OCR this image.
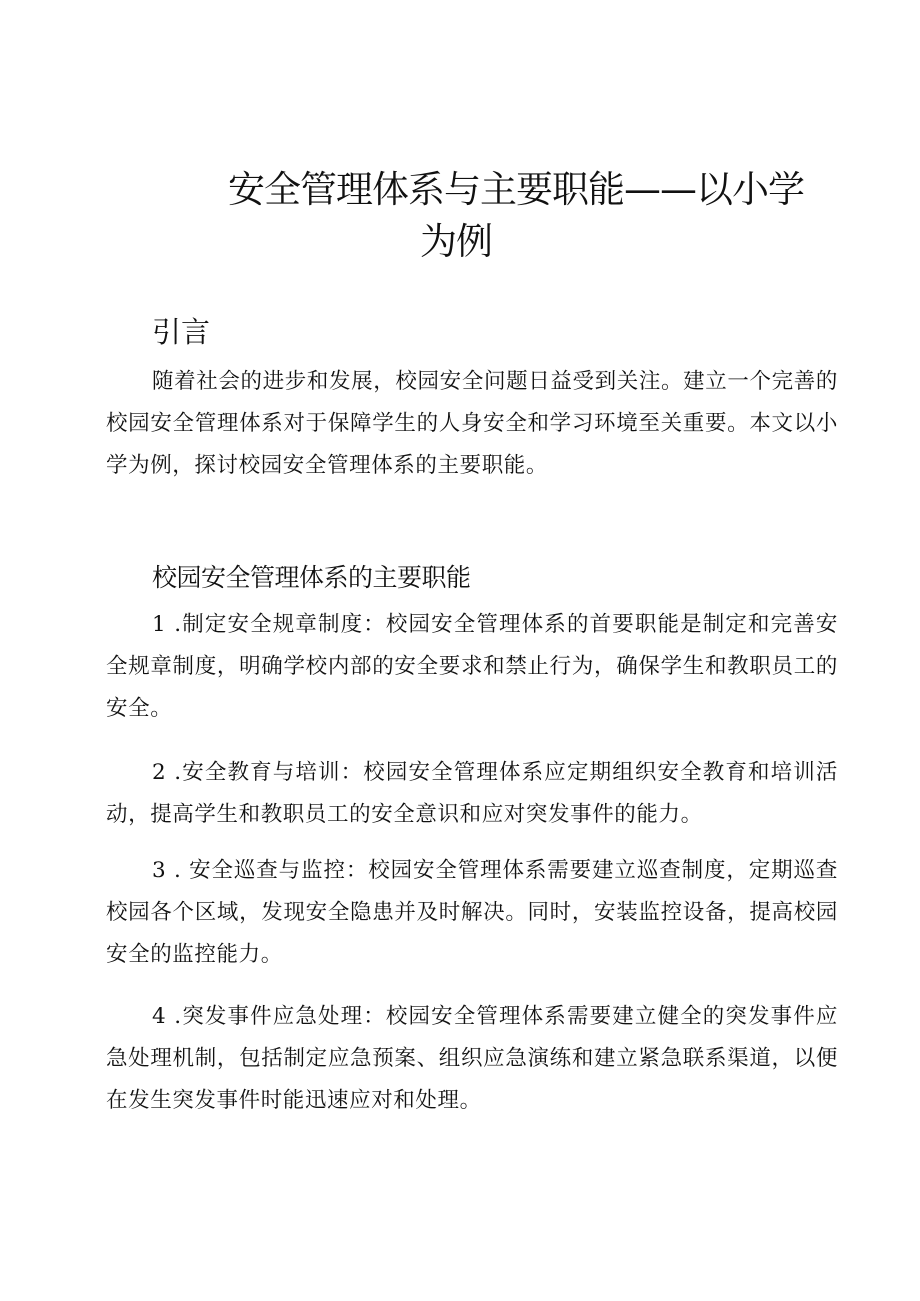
安全管理体系与主要职能——以小学
为例
引言

随着社会的进步和发展，校园安全问题日益受到关注。建立一个完善的校园安全管理体系对于保障学生的人身安全和学习环境至关重要。本文以小学为例，探讨校园安全管理体系的主要职能。

校园安全管理体系的主要职能

1 .制定安全规章制度：校园安全管理体系的首要职能是制定和完善安全规章制度，明确学校内部的安全要求和禁止行为，确保学生和教职员工的安全。

2 .安全教育与培训：校园安全管理体系应定期组织安全教育和培训活动，提高学生和教职员工的安全意识和应对突发事件的能力。

3 . 安全巡查与监控：校园安全管理体系需要建立巡查制度，定期巡查校园各个区域，发现安全隐患并及时解决。同时，安装监控设备，提高校园安全的监控能力。

4 .突发事件应急处理：校园安全管理体系需要建立健全的突发事件应急处理机制，包括制定应急预案、组织应急演练和建立紧急联系渠道，以便在发生突发事件时能迅速应对和处理。
